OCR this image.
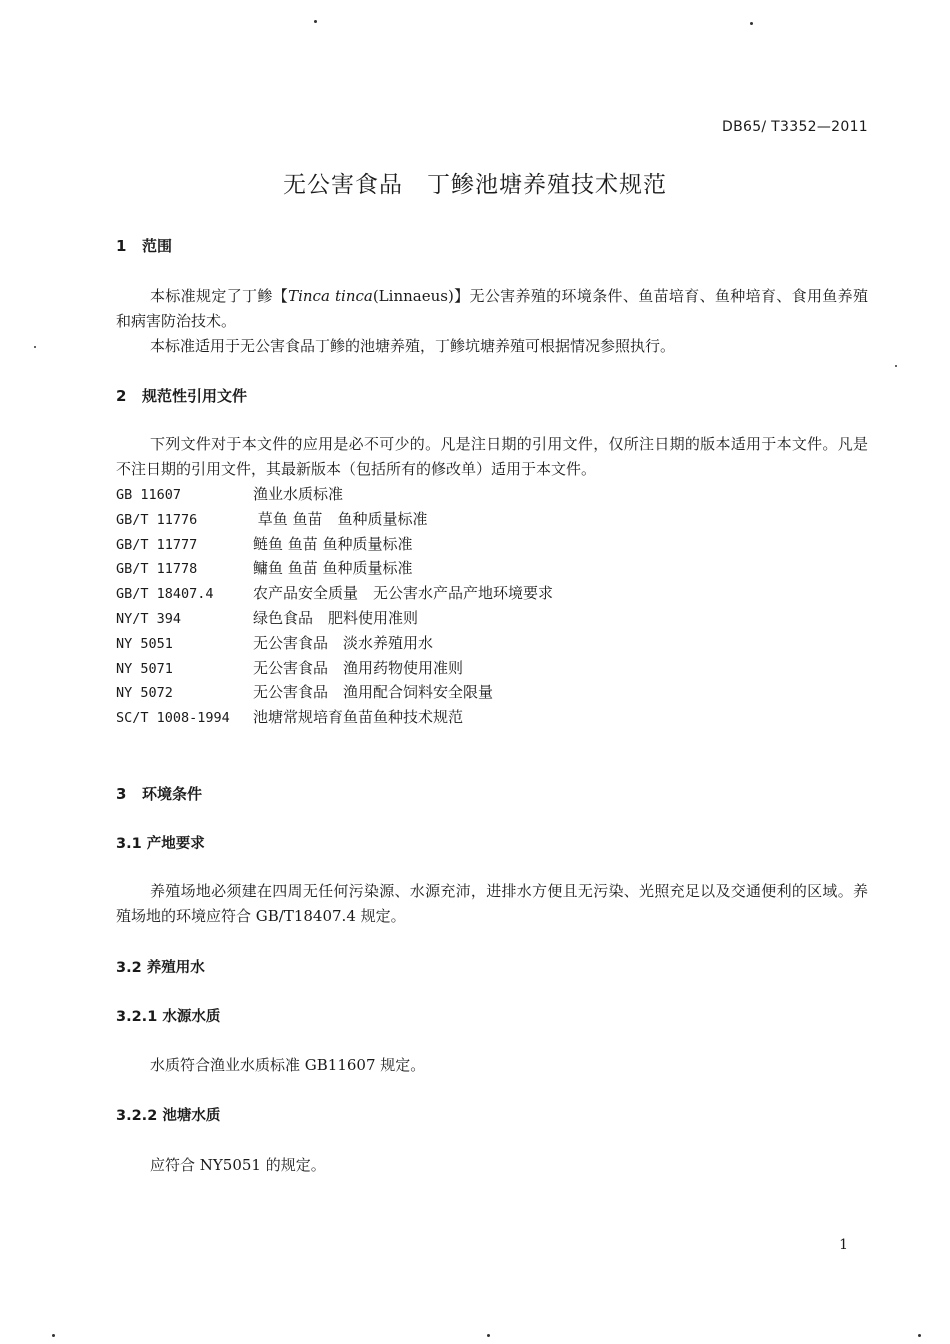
DB65/ T3352—2011
无公害食品　丁鲹池塘养殖技术规范
1 范围
本标准规定了丁鲹【Tinca tinca(Linnaeus)】无公害养殖的环境条件、鱼苗培育、鱼种培育、食用鱼养殖和病害防治技术。
本标准适用于无公害食品丁鲹的池塘养殖，丁鲹坑塘养殖可根据情况参照执行。
2 规范性引用文件
下列文件对于本文件的应用是必不可少的。凡是注日期的引用文件，仅所注日期的版本适用于本文件。凡是不注日期的引用文件，其最新版本（包括所有的修改单）适用于本文件。
GB 11607	渔业水质标准
GB/T 11776	草鱼 鱼苗　鱼种质量标准
GB/T 11777	鲢鱼 鱼苗 鱼种质量标准
GB/T 11778	鳙鱼 鱼苗 鱼种质量标准
GB/T 18407.4	农产品安全质量　无公害水产品产地环境要求
NY/T 394	绿色食品　肥料使用准则
NY 5051	无公害食品　淡水养殖用水
NY 5071	无公害食品　渔用药物使用准则
NY 5072	无公害食品　渔用配合饲料安全限量
SC/T 1008-1994 池塘常规培育鱼苗鱼种技术规范
3 环境条件
3.1 产地要求
养殖场地必须建在四周无任何污染源、水源充沛，进排水方便且无污染、光照充足以及交通便利的区域。养殖场地的环境应符合 GB/T18407.4 规定。
3.2 养殖用水
3.2.1 水源水质
水质符合渔业水质标准 GB11607 规定。
3.2.2 池塘水质
应符合 NY5051 的规定。
1
